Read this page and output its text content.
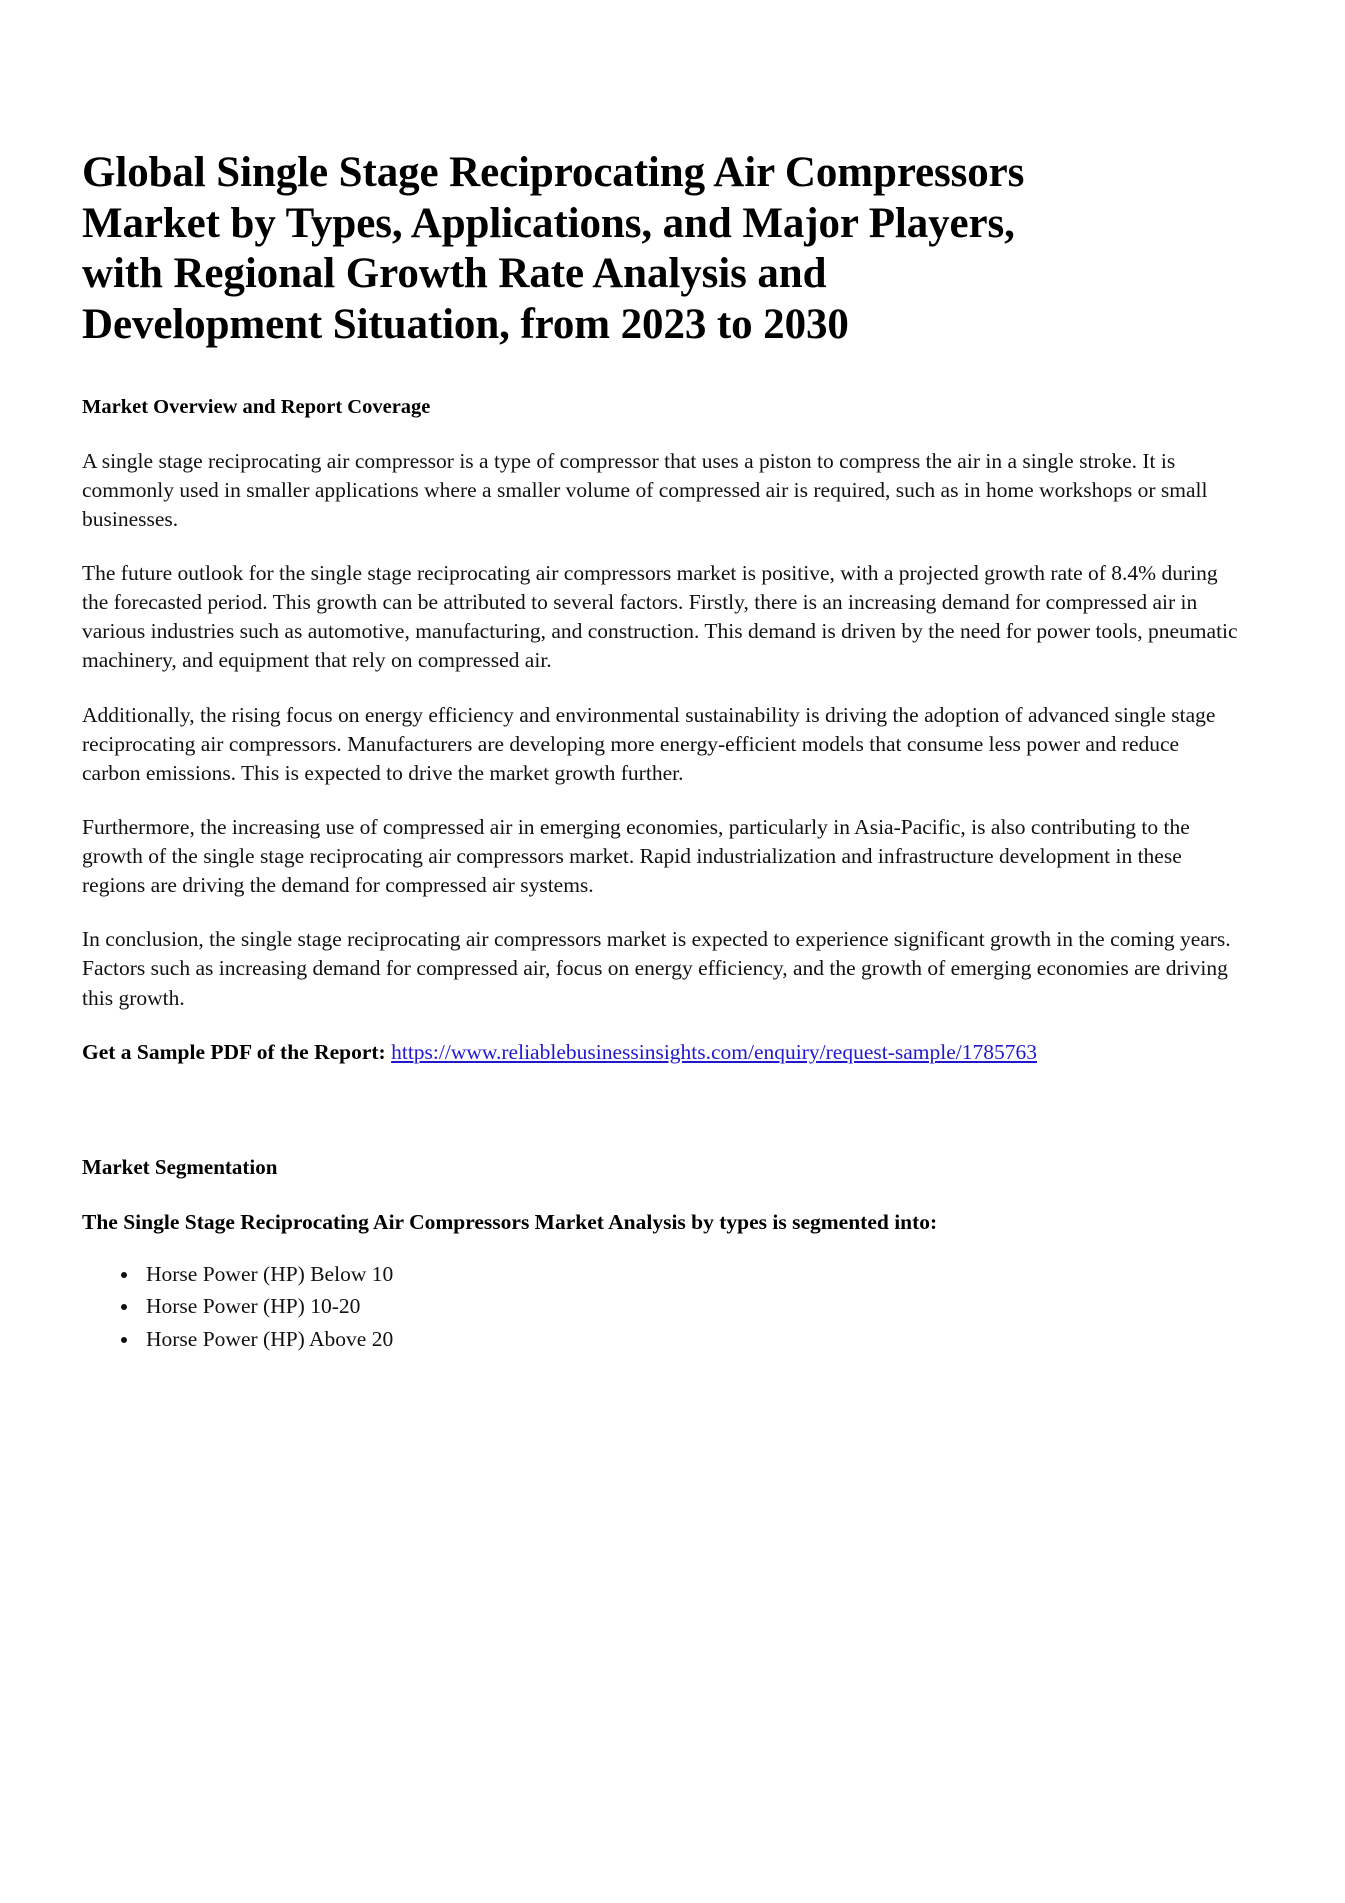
Global Single Stage Reciprocating Air Compressors Market by Types, Applications, and Major Players, with Regional Growth Rate Analysis and Development Situation, from 2023 to 2030
Market Overview and Report Coverage

A single stage reciprocating air compressor is a type of compressor that uses a piston to compress the air in a single stroke. It is commonly used in smaller applications where a smaller volume of compressed air is required, such as in home workshops or small businesses.

The future outlook for the single stage reciprocating air compressors market is positive, with a projected growth rate of 8.4% during the forecasted period. This growth can be attributed to several factors. Firstly, there is an increasing demand for compressed air in various industries such as automotive, manufacturing, and construction. This demand is driven by the need for power tools, pneumatic machinery, and equipment that rely on compressed air.

Additionally, the rising focus on energy efficiency and environmental sustainability is driving the adoption of advanced single stage reciprocating air compressors. Manufacturers are developing more energy-efficient models that consume less power and reduce carbon emissions. This is expected to drive the market growth further.

Furthermore, the increasing use of compressed air in emerging economies, particularly in Asia-Pacific, is also contributing to the growth of the single stage reciprocating air compressors market. Rapid industrialization and infrastructure development in these regions are driving the demand for compressed air systems.

In conclusion, the single stage reciprocating air compressors market is expected to experience significant growth in the coming years. Factors such as increasing demand for compressed air, focus on energy efficiency, and the growth of emerging economies are driving this growth.

Get a Sample PDF of the Report: https://www.reliablebusinessinsights.com/enquiry/request-sample/1785763

Market Segmentation
The Single Stage Reciprocating Air Compressors Market Analysis by types is segmented into:
• Horse Power (HP) Below 10
• Horse Power (HP) 10-20
• Horse Power (HP) Above 20
